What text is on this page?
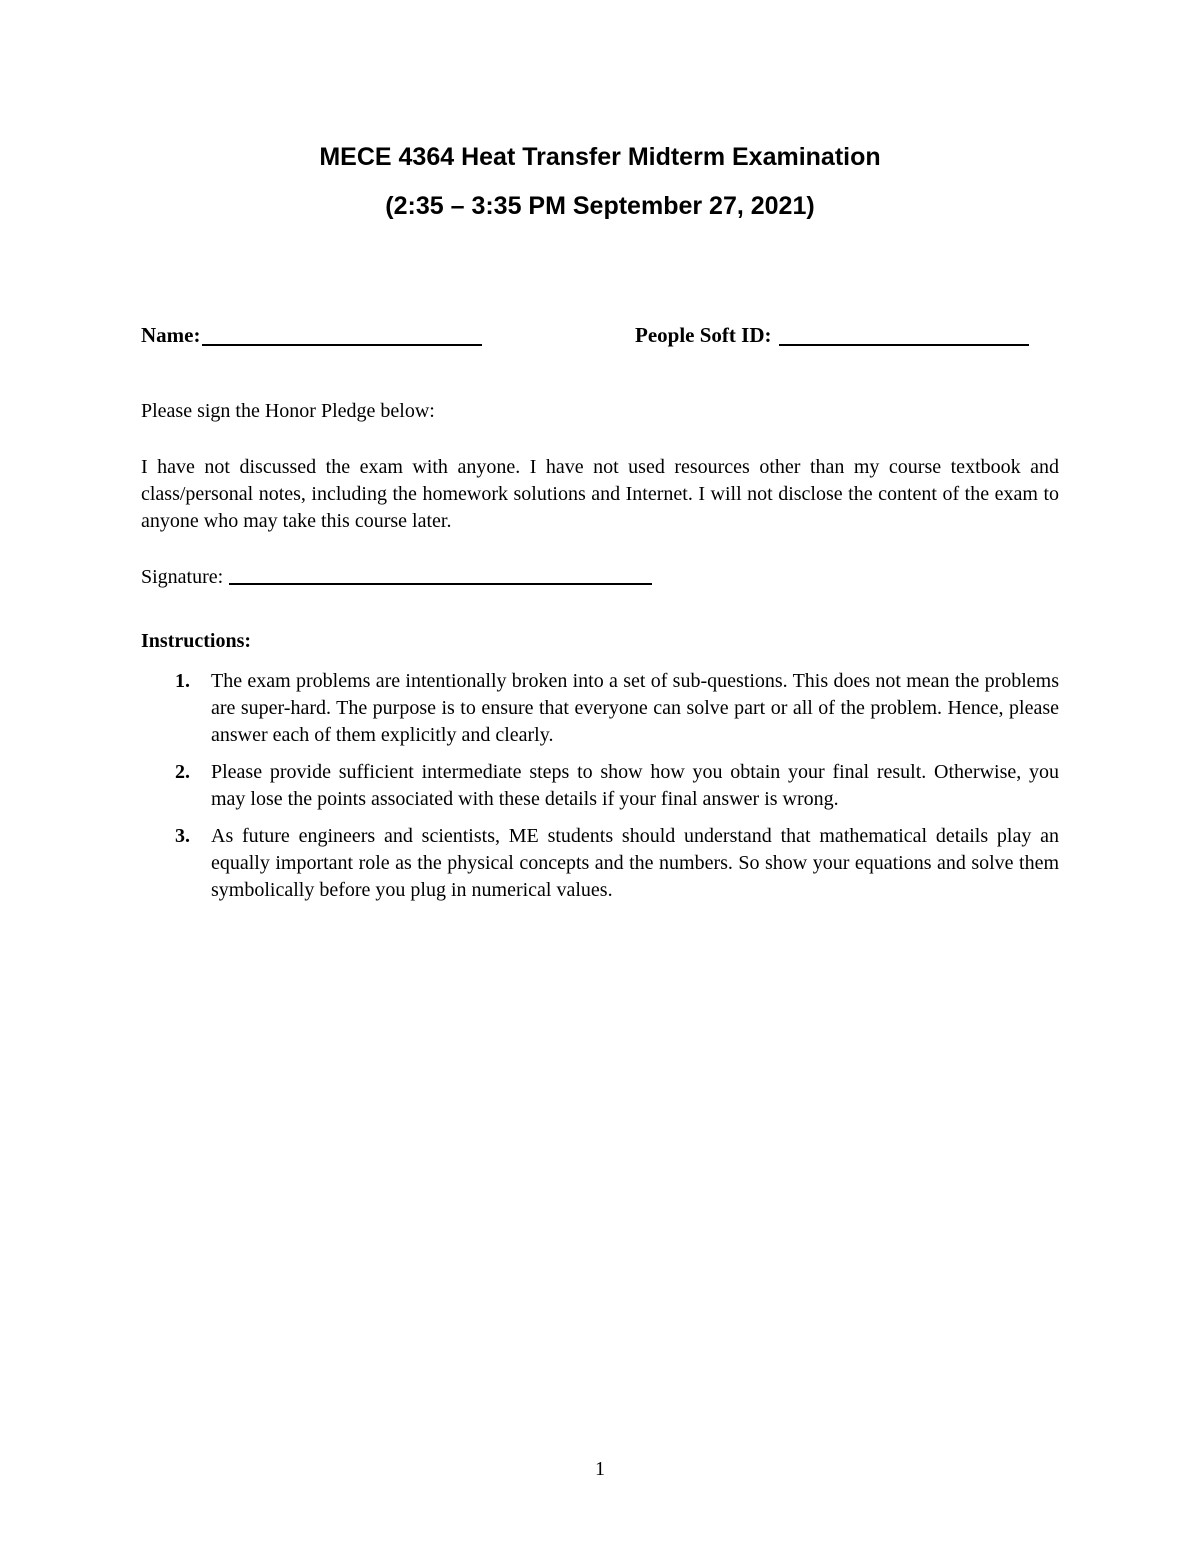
MECE 4364 Heat Transfer Midterm Examination
(2:35 – 3:35 PM September 27, 2021)
Name:	People Soft ID:
Please sign the Honor Pledge below:
I have not discussed the exam with anyone. I have not used resources other than my course textbook and class/personal notes, including the homework solutions and Internet. I will not disclose the content of the exam to anyone who may take this course later.
Signature:
Instructions:
1.	The exam problems are intentionally broken into a set of sub-questions. This does not mean the problems are super-hard. The purpose is to ensure that everyone can solve part or all of the problem. Hence, please answer each of them explicitly and clearly.
2.	Please provide sufficient intermediate steps to show how you obtain your final result. Otherwise, you may lose the points associated with these details if your final answer is wrong.
3.	As future engineers and scientists, ME students should understand that mathematical details play an equally important role as the physical concepts and the numbers. So show your equations and solve them symbolically before you plug in numerical values.
1
